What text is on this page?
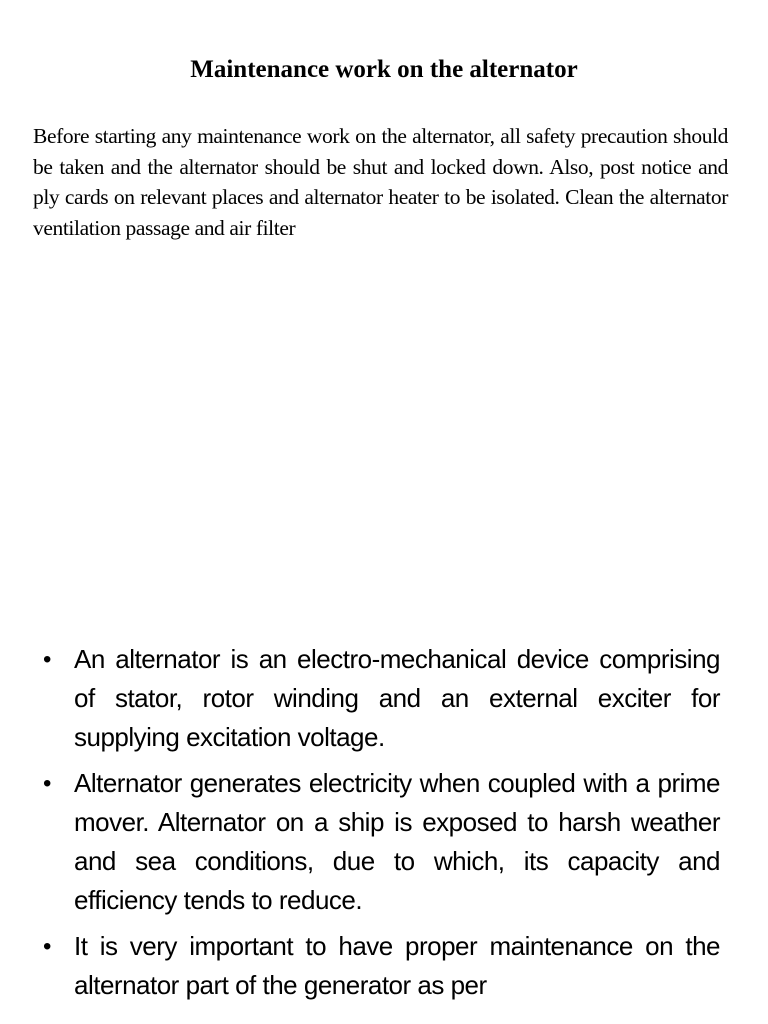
Maintenance work on the alternator

Before starting any maintenance work on the alternator, all safety precaution should be taken and the alternator should be shut and locked down. Also, post notice and ply cards on relevant places and alternator heater to be isolated. Clean the alternator ventilation passage and air filter

• An alternator is an electro-mechanical device comprising of stator, rotor winding and an external exciter for supplying excitation voltage.
• Alternator generates electricity when coupled with a prime mover. Alternator on a ship is exposed to harsh weather and sea conditions, due to which, its capacity and efficiency tends to reduce.
• It is very important to have proper maintenance on the alternator part of the generator as per
